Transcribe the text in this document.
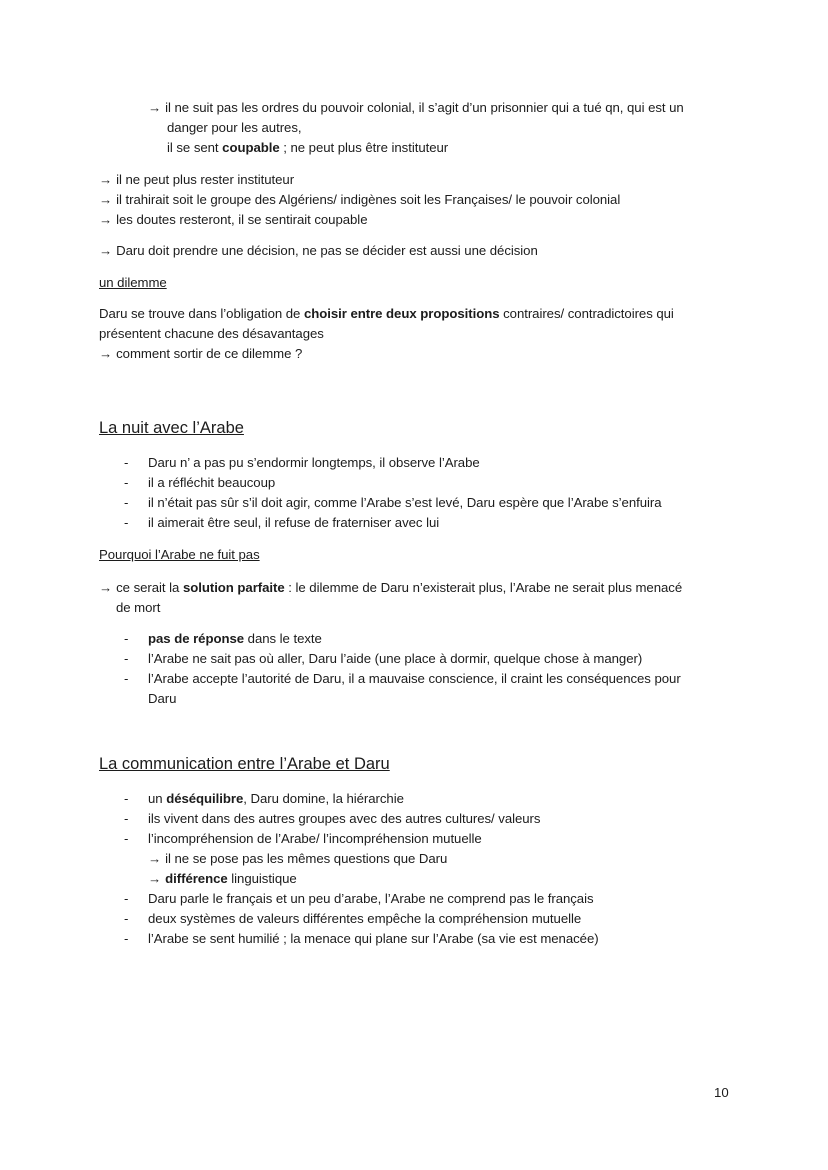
→ il ne suit pas les ordres du pouvoir colonial, il s’agit d’un prisonnier qui a tué qn, qui est un
danger pour les autres,
il se sent coupable ; ne peut plus être instituteur
→ il ne peut plus rester instituteur
→ il trahirait soit le groupe des Algériens/ indigènes soit les Françaises/ le pouvoir colonial
→ les doutes resteront, il se sentirait coupable
→ Daru doit prendre une décision, ne pas se décider est aussi une décision
un dilemme
Daru se trouve dans l’obligation de choisir entre deux propositions contraires/ contradictoires qui
présentent chacune des désavantages
→ comment sortir de ce dilemme ?
La nuit avec l’Arabe
- Daru n’ a pas pu s’endormir longtemps, il observe l’Arabe
- il a réfléchit beaucoup
- il n’était pas sûr s’il doit agir, comme l’Arabe s’est levé, Daru espère que l’Arabe s’enfuira
- il aimerait être seul, il refuse de fraterniser avec lui
Pourquoi l’Arabe ne fuit pas
→ ce serait la solution parfaite : le dilemme de Daru n’existerait plus, l’Arabe ne serait plus menacé
de mort
- pas de réponse dans le texte
- l’Arabe ne sait pas où aller, Daru l’aide (une place à dormir, quelque chose à manger)
- l’Arabe accepte l’autorité de Daru, il a mauvaise conscience, il craint les conséquences pour
Daru
La communication entre l’Arabe et Daru
- un déséquilibre, Daru domine, la hiérarchie
- ils vivent dans des autres groupes avec des autres cultures/ valeurs
- l’incompréhension de l’Arabe/ l’incompréhension mutuelle
→ il ne se pose pas les mêmes questions que Daru
→ différence linguistique
- Daru parle le français et un peu d’arabe, l’Arabe ne comprend pas le français
- deux systèmes de valeurs différentes empêche la compréhension mutuelle
- l’Arabe se sent humilié ; la menace qui plane sur l’Arabe (sa vie est menacée)
10
